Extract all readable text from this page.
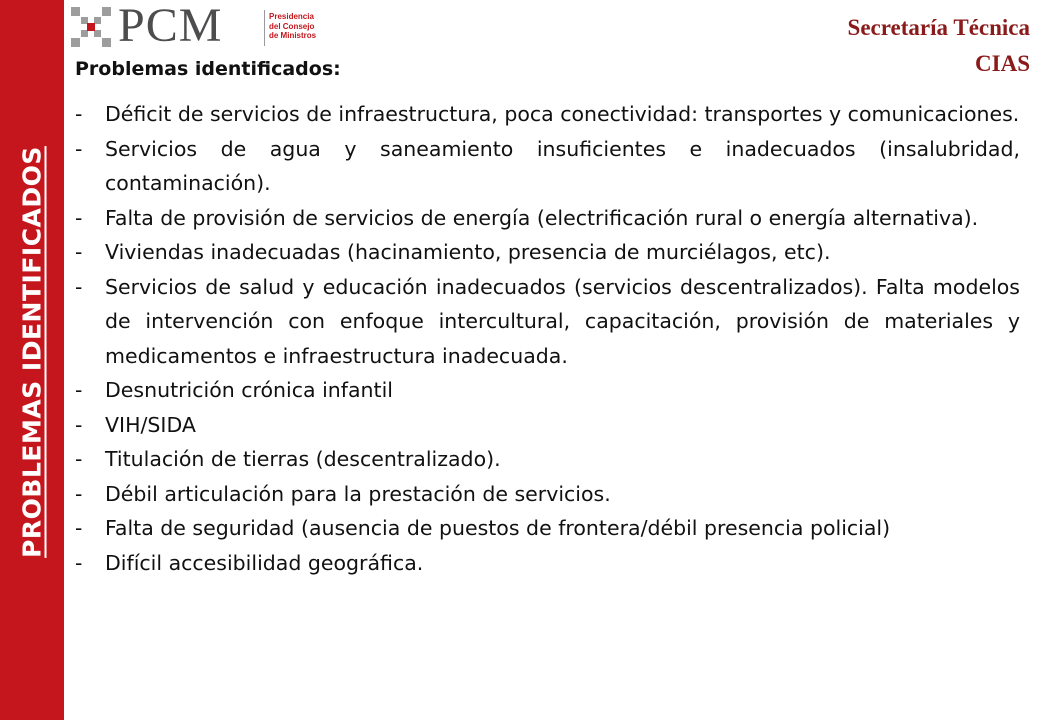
PROBLEMAS IDENTIFICADOS
PCM	Presidencia
del Consejo
de Ministros	Secretaría Técnica
CIAS
Problemas identificados:
-	Déficit de servicios de infraestructura, poca conectividad: transportes y comunicaciones.
-	Servicios de agua y saneamiento insuficientes e inadecuados (insalubridad, contaminación).
-	Falta de provisión de servicios de energía (electrificación rural o energía alternativa).
-	Viviendas inadecuadas (hacinamiento, presencia de murciélagos, etc).
-	Servicios de salud y educación inadecuados (servicios descentralizados). Falta modelos de intervención con enfoque intercultural, capacitación, provisión de materiales y medicamentos e infraestructura inadecuada.
-	Desnutrición crónica infantil
-	VIH/SIDA
-	Titulación de tierras (descentralizado).
-	Débil articulación para la prestación de servicios.
-	Falta de seguridad (ausencia de puestos de frontera/débil presencia policial)
-	Difícil accesibilidad geográfica.
